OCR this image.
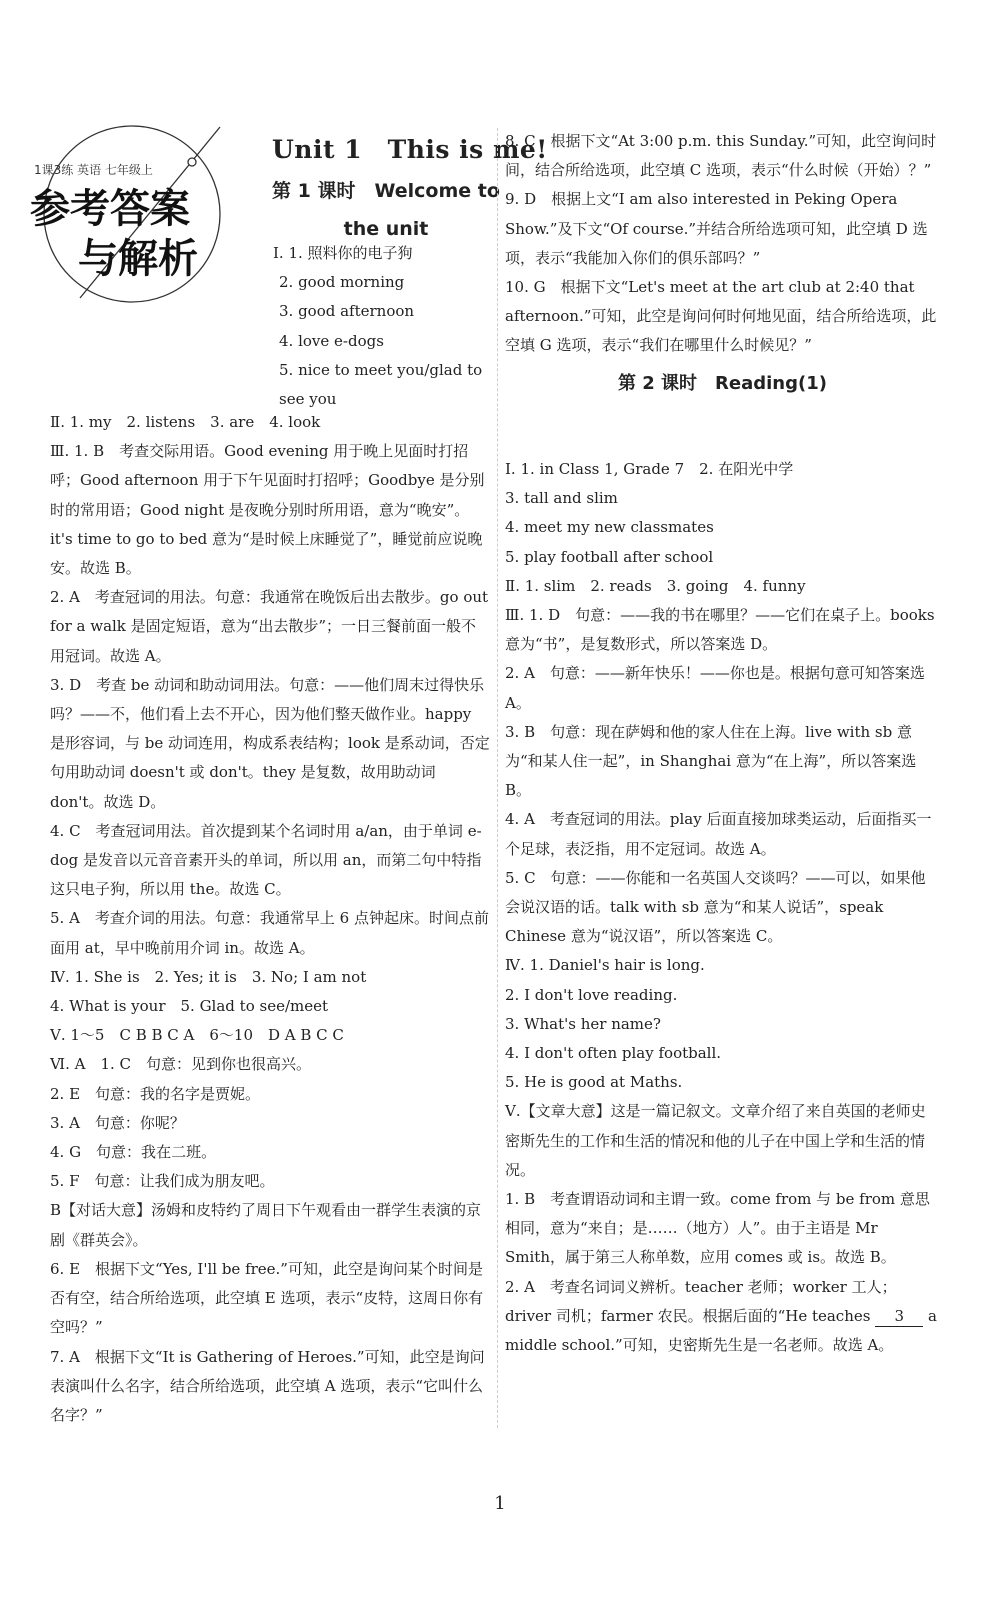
1课3练 英语 七年级上
参考答案
与解析

Unit 1　This is me!

第 1 课时　Welcome to
the unit

Ⅰ. 1. 照料你的电子狗

2. good morning

3. good afternoon

4. love e-dogs

5. nice to meet you/glad to

see you

Ⅱ. 1. my　2. listens　3. are　4. look

Ⅲ. 1. B　考查交际用语。Good evening 用于晚上见面时打招呼；Good afternoon 用于下午见面时打招呼；Goodbye 是分别时的常用语；Good night 是夜晚分别时所用语，意为“晚安”。it's time to go to bed 意为“是时候上床睡觉了”，睡觉前应说晚安。故选 B。

2. A　考查冠词的用法。句意：我通常在晚饭后出去散步。go out for a walk 是固定短语，意为“出去散步”；一日三餐前面一般不用冠词。故选 A。

3. D　考查 be 动词和助动词用法。句意：——他们周末过得快乐吗？——不，他们看上去不开心，因为他们整天做作业。happy 是形容词，与 be 动词连用，构成系表结构；look 是系动词，否定句用助动词 doesn't 或 don't。they 是复数，故用助动词 don't。故选 D。

4. C　考查冠词用法。首次提到某个名词时用 a/an，由于单词 e-dog 是发音以元音音素开头的单词，所以用 an，而第二句中特指这只电子狗，所以用 the。故选 C。

5. A　考查介词的用法。句意：我通常早上 6 点钟起床。时间点前面用 at，早中晚前用介词 in。故选 A。

Ⅳ. 1. She is　2. Yes; it is　3. No; I am not

4. What is your　5. Glad to see/meet

Ⅴ. 1～5　C B B C A　6～10　D A B C C

Ⅵ. A　1. C　句意：见到你也很高兴。

2. E　句意：我的名字是贾妮。

3. A　句意：你呢？

4. G　句意：我在二班。

5. F　句意：让我们成为朋友吧。

B【对话大意】汤姆和皮特约了周日下午观看由一群学生表演的京剧《群英会》。

6. E　根据下文“Yes, I'll be free.”可知，此空是询问某个时间是否有空，结合所给选项，此空填 E 选项，表示“皮特，这周日你有空吗？”

7. A　根据下文“It is Gathering of Heroes.”可知，此空是询问表演叫什么名字，结合所给选项，此空填 A 选项，表示“它叫什么名字？”

8. C　根据下文“At 3:00 p.m. this Sunday.”可知，此空询问时间，结合所给选项，此空填 C 选项，表示“什么时候（开始）？”

9. D　根据上文“I am also interested in Peking Opera Show.”及下文“Of course.”并结合所给选项可知，此空填 D 选项，表示“我能加入你们的俱乐部吗？”

10. G　根据下文“Let's meet at the art club at 2:40 that afternoon.”可知，此空是询问何时何地见面，结合所给选项，此空填 G 选项，表示“我们在哪里什么时候见？”

第 2 课时　Reading(1)

Ⅰ. 1. in Class 1, Grade 7　2. 在阳光中学

3. tall and slim

4. meet my new classmates

5. play football after school

Ⅱ. 1. slim　2. reads　3. going　4. funny

Ⅲ. 1. D　句意：——我的书在哪里？——它们在桌子上。books 意为“书”，是复数形式，所以答案选 D。

2. A　句意：——新年快乐！——你也是。根据句意可知答案选 A。

3. B　句意：现在萨姆和他的家人住在上海。live with sb 意为“和某人住一起”，in Shanghai 意为“在上海”，所以答案选 B。

4. A　考查冠词的用法。play 后面直接加球类运动，后面指买一个足球，表泛指，用不定冠词。故选 A。

5. C　句意：——你能和一名英国人交谈吗？——可以，如果他会说汉语的话。talk with sb 意为“和某人说话”，speak Chinese 意为“说汉语”，所以答案选 C。

Ⅳ. 1. Daniel's hair is long.

2. I don't love reading.

3. What's her name?

4. I don't often play football.

5. He is good at Maths.

Ⅴ.【文章大意】这是一篇记叙文。文章介绍了来自英国的老师史密斯先生的工作和生活的情况和他的儿子在中国上学和生活的情况。

1. B　考查谓语动词和主谓一致。come from 与 be from 意思相同，意为“来自；是……（地方）人”。由于主语是 Mr Smith，属于第三人称单数，应用 comes 或 is。故选 B。

2. A　考查名词词义辨析。teacher 老师；worker 工人；driver 司机；farmer 农民。根据后面的“He teaches 3 a middle school.”可知，史密斯先生是一名老师。故选 A。

1
